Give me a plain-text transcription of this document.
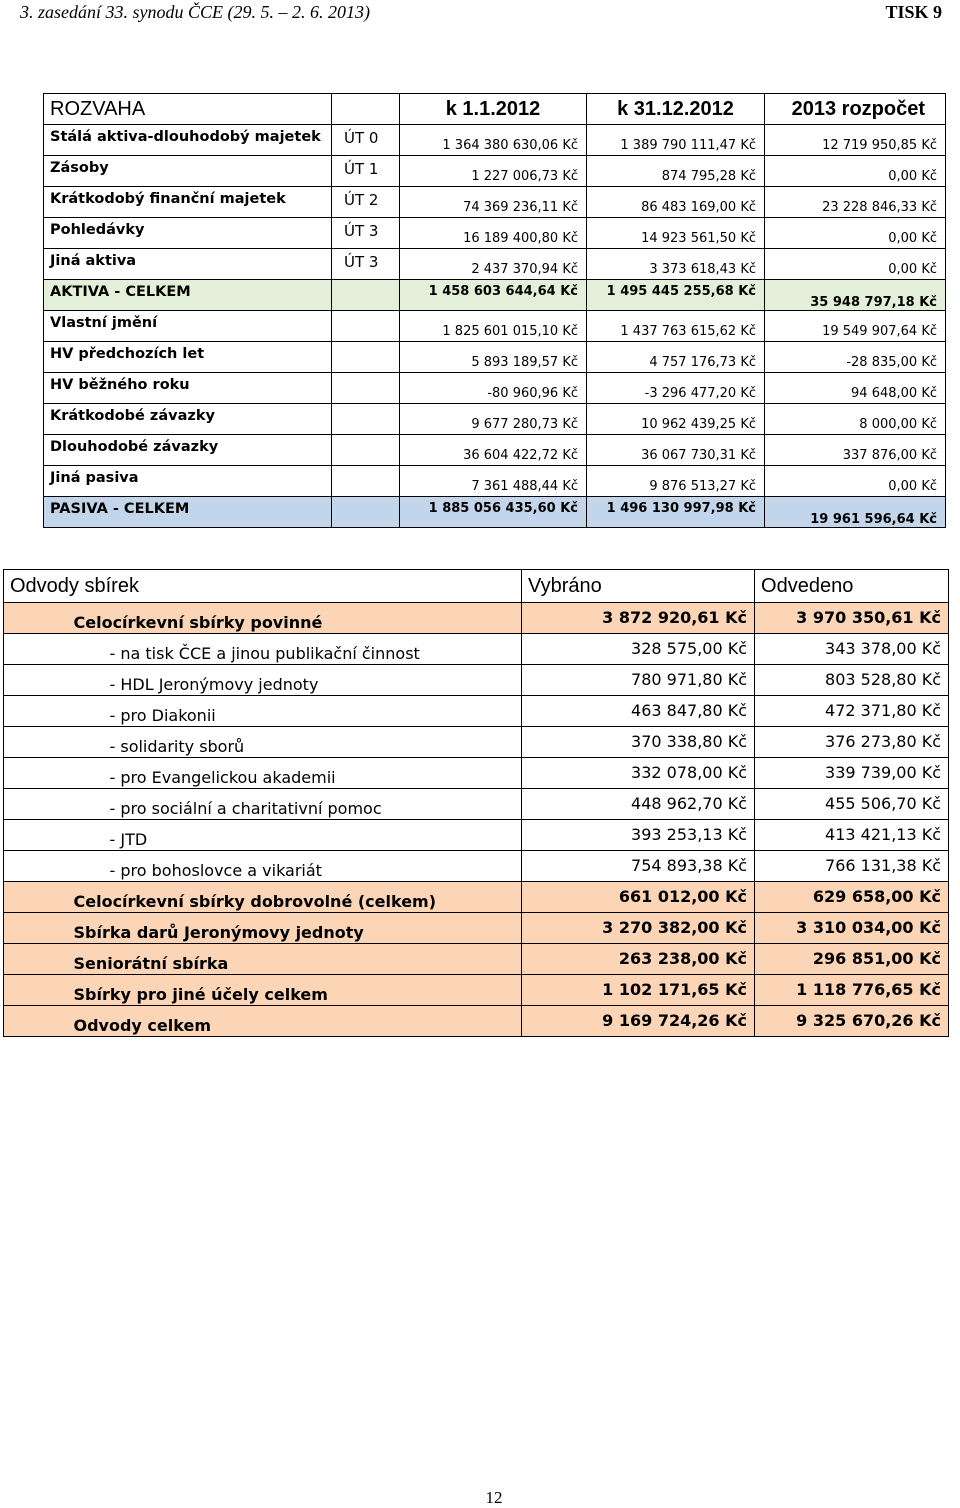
3. zasedání 33. synodu ČCE (29. 5. – 2. 6. 2013)	TISK 9
ROZVAHA		k 1.1.2012	k 31.12.2012	2013 rozpočet
Stálá aktiva-dlouhodobý majetek	ÚT 0	1 364 380 630,06 Kč	1 389 790 111,47 Kč	12 719 950,85 Kč
Zásoby	ÚT 1	1 227 006,73 Kč	874 795,28 Kč	0,00 Kč
Krátkodobý finanční majetek	ÚT 2	74 369 236,11 Kč	86 483 169,00 Kč	23 228 846,33 Kč
Pohledávky	ÚT 3	16 189 400,80 Kč	14 923 561,50 Kč	0,00 Kč
Jiná aktiva	ÚT 3	2 437 370,94 Kč	3 373 618,43 Kč	0,00 Kč
AKTIVA - CELKEM		1 458 603 644,64 Kč	1 495 445 255,68 Kč	35 948 797,18 Kč
Vlastní jmění		1 825 601 015,10 Kč	1 437 763 615,62 Kč	19 549 907,64 Kč
HV předchozích let		5 893 189,57 Kč	4 757 176,73 Kč	-28 835,00 Kč
HV běžného roku		-80 960,96 Kč	-3 296 477,20 Kč	94 648,00 Kč
Krátkodobé závazky		9 677 280,73 Kč	10 962 439,25 Kč	8 000,00 Kč
Dlouhodobé závazky		36 604 422,72 Kč	36 067 730,31 Kč	337 876,00 Kč
Jiná pasiva		7 361 488,44 Kč	9 876 513,27 Kč	0,00 Kč
PASIVA - CELKEM		1 885 056 435,60 Kč	1 496 130 997,98 Kč	19 961 596,64 Kč
Odvody sbírek		Vybráno	Odvedeno
	Celocírkevní sbírky povinné	3 872 920,61 Kč	3 970 350,61 Kč
	- na tisk ČCE a jinou publikační činnost	328 575,00 Kč	343 378,00 Kč
	- HDL Jeronýmovy jednoty	780 971,80 Kč	803 528,80 Kč
	- pro Diakonii	463 847,80 Kč	472 371,80 Kč
	- solidarity sborů	370 338,80 Kč	376 273,80 Kč
	- pro Evangelickou akademii	332 078,00 Kč	339 739,00 Kč
	- pro sociální a charitativní pomoc	448 962,70 Kč	455 506,70 Kč
	- JTD	393 253,13 Kč	413 421,13 Kč
	- pro bohoslovce a vikariát	754 893,38 Kč	766 131,38 Kč
	Celocírkevní sbírky dobrovolné (celkem)	661 012,00 Kč	629 658,00 Kč
	Sbírka darů Jeronýmovy jednoty	3 270 382,00 Kč	3 310 034,00 Kč
	Seniorátní sbírka	263 238,00 Kč	296 851,00 Kč
	Sbírky pro jiné účely celkem	1 102 171,65 Kč	1 118 776,65 Kč
	Odvody celkem	9 169 724,26 Kč	9 325 670,26 Kč
12
